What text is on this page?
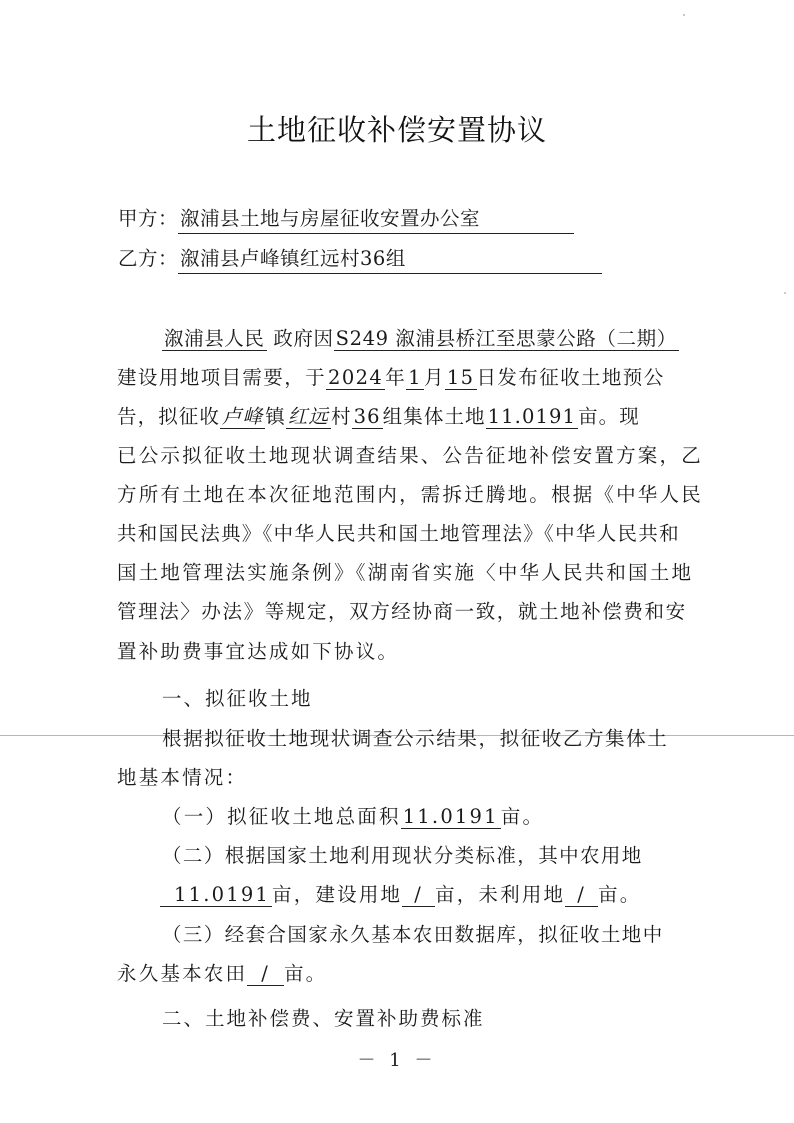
土地征收补偿安置协议
甲方： 溆浦县土地与房屋征收安置办公室
乙方： 溆浦县卢峰镇红远村36组
溆浦县人民 政府因 S249 溆浦县桥江至思蒙公路（二期）
建设用地项目需要，于 2024 年 1 月 15 日发布征收土地预公
告，拟征收 卢峰 镇 红远 村 36 组集体土地 11.0191 亩。现
已公示拟征收土地现状调查结果、公告征地补偿安置方案，乙
方所有土地在本次征地范围内，需拆迁腾地。根据《中华人民
共和国民法典》《中华人民共和国土地管理法》《中华人民共和
国土地管理法实施条例》《湖南省实施〈中华人民共和国土地
管理法〉办法》等规定，双方经协商一致，就土地补偿费和安
置补助费事宜达成如下协议。
一、拟征收土地
根据拟征收土地现状调查公示结果，拟征收乙方集体土
地基本情况：
（一）拟征收土地总面积 11.0191 亩。
（二）根据国家土地利用现状分类标准，其中农用地
11.0191 亩，建设用地 / 亩，未利用地 / 亩。
（三）经套合国家永久基本农田数据库，拟征收土地中
永久基本农田 / 亩。
二、土地补偿费、安置补助费标准
－ 1 －
